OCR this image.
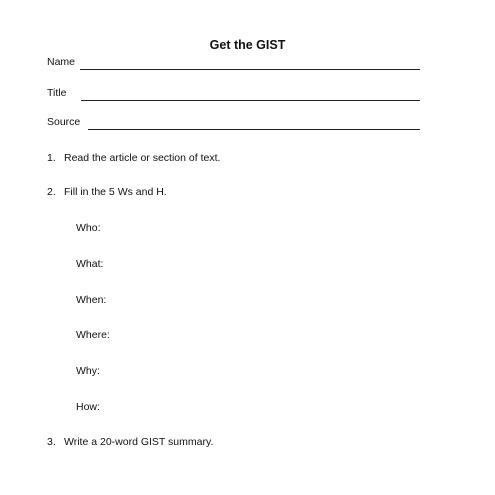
Get the GIST
Name
Title
Source
1. Read the article or section of text.
2. Fill in the 5 Ws and H.
Who:
What:
When:
Where:
Why:
How:
3. Write a 20-word GIST summary.
